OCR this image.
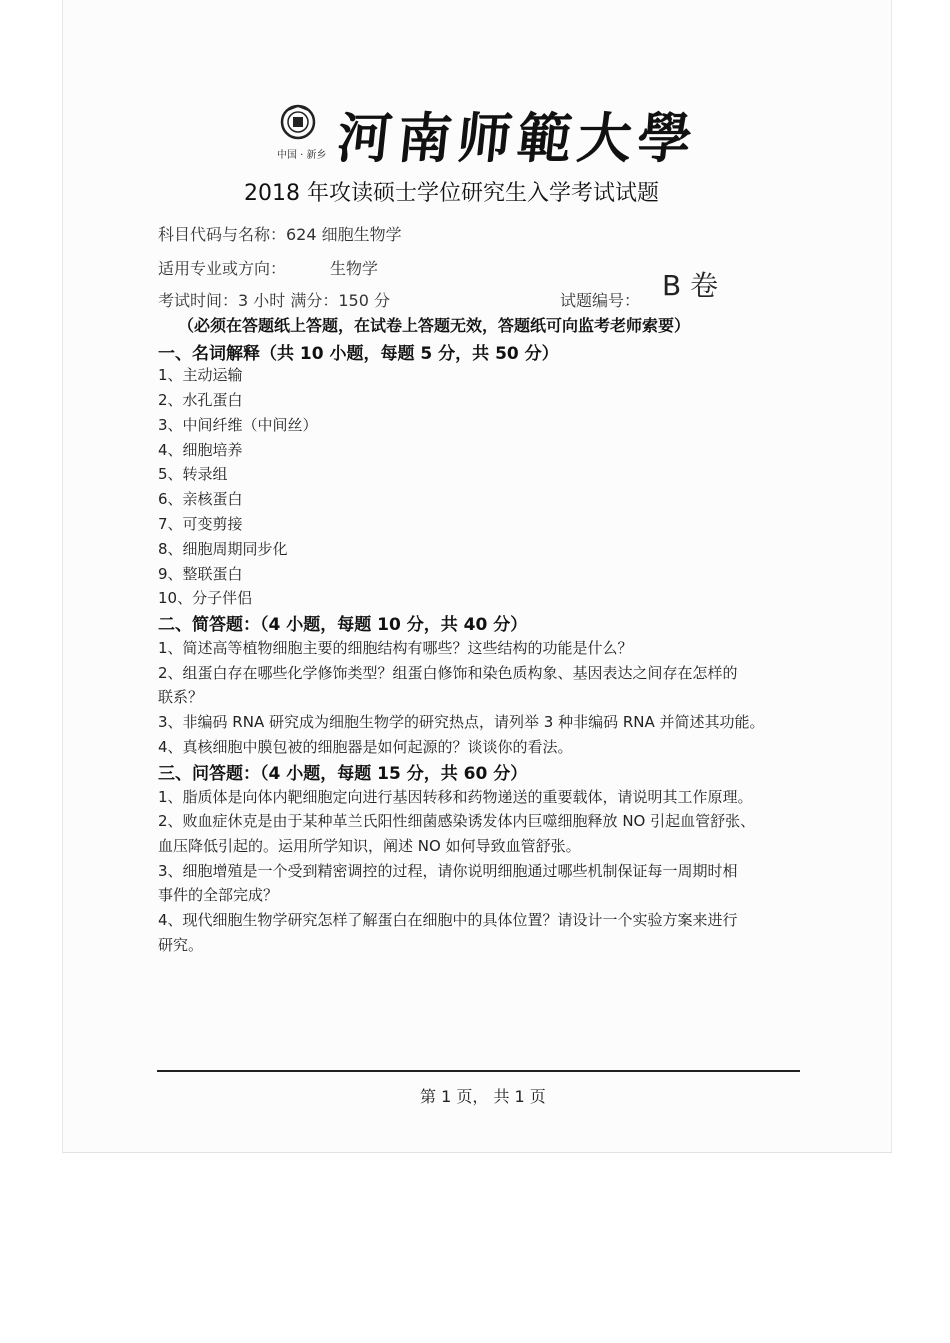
中国 · 新乡 河南师範大學
2018 年攻读硕士学位研究生入学考试试题
科目代码与名称：624 细胞生物学
适用专业或方向：	生物学
考试时间：3 小时 满分：150 分	试题编号： B 卷
（必须在答题纸上答题，在试卷上答题无效，答题纸可向监考老师索要）
一、名词解释（共 10 小题，每题 5 分，共 50 分）
1、主动运输
2、水孔蛋白
3、中间纤维（中间丝）
4、细胞培养
5、转录组
6、亲核蛋白
7、可变剪接
8、细胞周期同步化
9、整联蛋白
10、分子伴侣
二、简答题：（4 小题，每题 10 分，共 40 分）
1、简述高等植物细胞主要的细胞结构有哪些？这些结构的功能是什么？
2、组蛋白存在哪些化学修饰类型？组蛋白修饰和染色质构象、基因表达之间存在怎样的
联系？
3、非编码 RNA 研究成为细胞生物学的研究热点，请列举 3 种非编码 RNA 并简述其功能。
4、真核细胞中膜包被的细胞器是如何起源的？谈谈你的看法。
三、问答题：（4 小题，每题 15 分，共 60 分）
1、脂质体是向体内靶细胞定向进行基因转移和药物递送的重要载体，请说明其工作原理。
2、败血症休克是由于某种革兰氏阳性细菌感染诱发体内巨噬细胞释放 NO 引起血管舒张、
血压降低引起的。运用所学知识，阐述 NO 如何导致血管舒张。
3、细胞增殖是一个受到精密调控的过程，请你说明细胞通过哪些机制保证每一周期时相
事件的全部完成？
4、现代细胞生物学研究怎样了解蛋白在细胞中的具体位置？请设计一个实验方案来进行
研究。
第 1 页， 共 1 页
